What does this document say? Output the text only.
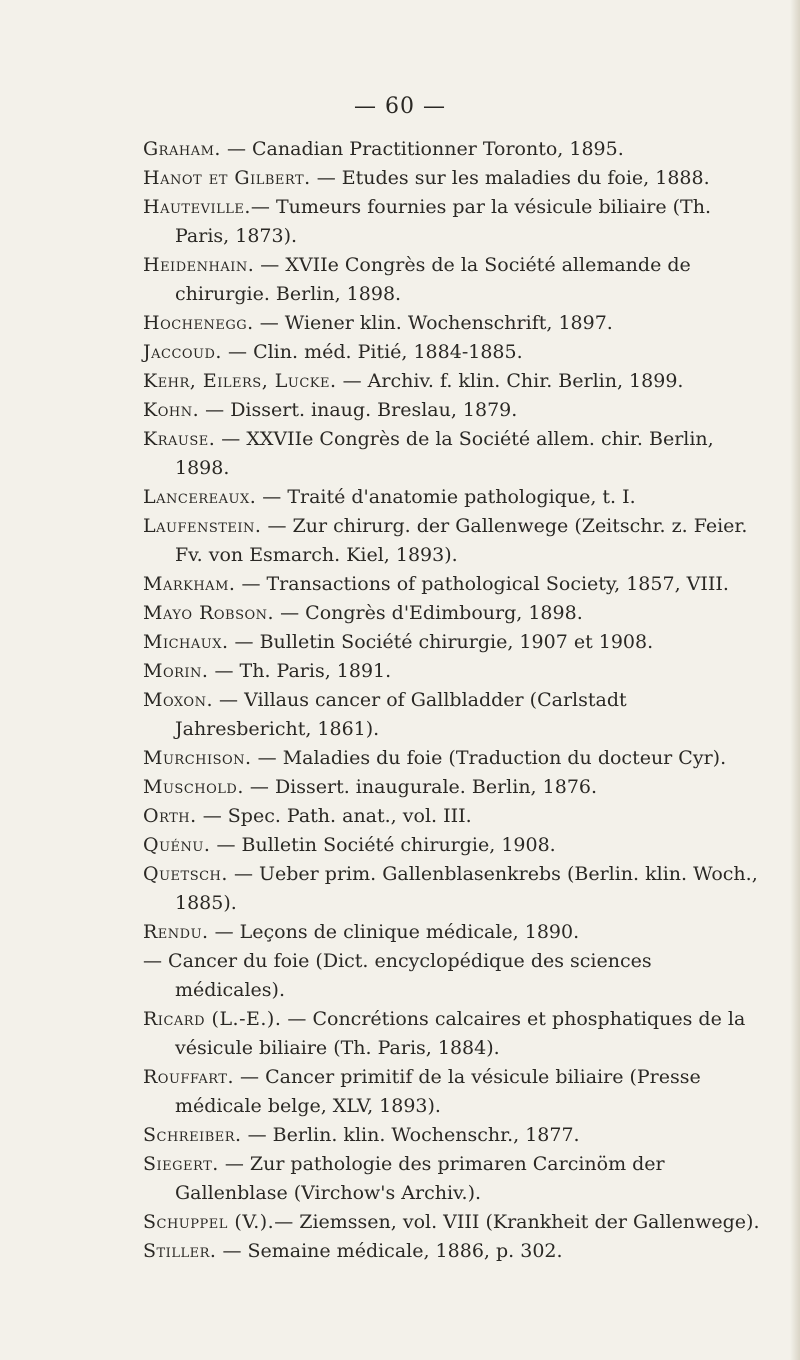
— 60 —
Graham. — Canadian Practitionner Toronto, 1895.
Hanot et Gilbert. — Etudes sur les maladies du foie, 1888.
Hauteville.— Tumeurs fournies par la vésicule biliaire (Th. Paris, 1873).
Heidenhain. — XVIIe Congrès de la Société allemande de chirurgie. Berlin, 1898.
Hochenegg. — Wiener klin. Wochenschrift, 1897.
Jaccoud. — Clin. méd. Pitié, 1884-1885.
Kehr, Eilers, Lucke. — Archiv. f. klin. Chir. Berlin, 1899.
Kohn. — Dissert. inaug. Breslau, 1879.
Krause. — XXVIIe Congrès de la Société allem. chir. Berlin, 1898.
Lancereaux. — Traité d'anatomie pathologique, t. I.
Laufenstein. — Zur chirurg. der Gallenwege (Zeitschr. z. Feier. Fv. von Esmarch. Kiel, 1893).
Markham. — Transactions of pathological Society, 1857, VIII.
Mayo Robson. — Congrès d'Edimbourg, 1898.
Michaux. — Bulletin Société chirurgie, 1907 et 1908.
Morin. — Th. Paris, 1891.
Moxon. — Villaus cancer of Gallbladder (Carlstadt Jahresbericht, 1861).
Murchison. — Maladies du foie (Traduction du docteur Cyr).
Muschold. — Dissert. inaugurale. Berlin, 1876.
Orth. — Spec. Path. anat., vol. III.
Quénu. — Bulletin Société chirurgie, 1908.
Quetsch. — Ueber prim. Gallenblasenkrebs (Berlin. klin. Woch., 1885).
Rendu. — Leçons de clinique médicale, 1890.
— Cancer du foie (Dict. encyclopédique des sciences médicales).
Ricard (L.-E.). — Concrétions calcaires et phosphatiques de la vésicule biliaire (Th. Paris, 1884).
Rouffart. — Cancer primitif de la vésicule biliaire (Presse médicale belge, XLV, 1893).
Schreiber. — Berlin. klin. Wochenschr., 1877.
Siegert. — Zur pathologie des primaren Carcinöm der Gallenblase (Virchow's Archiv.).
Schuppel (V.).— Ziemssen, vol. VIII (Krankheit der Gallenwege).
Stiller. — Semaine médicale, 1886, p. 302.
